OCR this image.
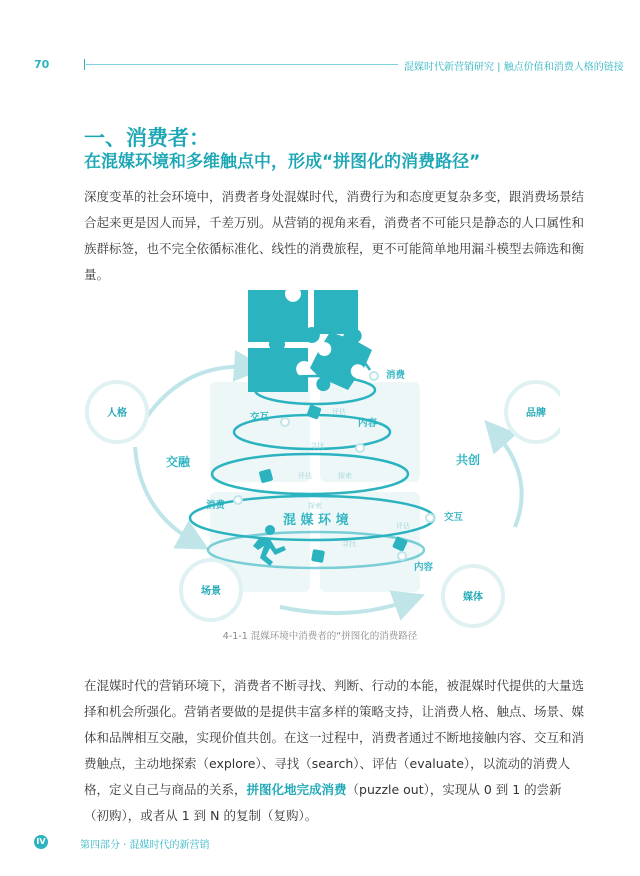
70	混媒时代新营销研究 | 触点价值和消费人格的链接
一、消费者：
在混媒环境和多维触点中，形成“拼图化的消费路径”
深度变革的社会环境中，消费者身处混媒时代，消费行为和态度更复杂多变，跟消费场景结合起来更是因人而异，千差万别。从营销的视角来看，消费者不可能只是静态的人口属性和族群标签，也不完全依循标准化、线性的消费旅程，更不可能简单地用漏斗模型去筛选和衡量。
消费
交互
内容
消费
交互
内容
评估
寻找
评估	探索
探索
评估
寻找
混 媒 环 境
交融	共创
人格	品牌
场景
媒体
4-1-1 混媒环境中消费者的“拼图化的消费路径
在混媒时代的营销环境下，消费者不断寻找、判断、行动的本能，被混媒时代提供的大量选择和机会所强化。营销者要做的是提供丰富多样的策略支持，让消费人格、触点、场景、媒体和品牌相互交融，实现价值共创。在这一过程中，消费者通过不断地接触内容、交互和消费触点，主动地探索（explore）、寻找（search）、评估（evaluate），以流动的消费人格，定义自己与商品的关系，拼图化地完成消费（puzzle out），实现从 0 到 1 的尝新（初购），或者从 1 到 N 的复制（复购）。
IV	第四部分 · 混媒时代的新营销
